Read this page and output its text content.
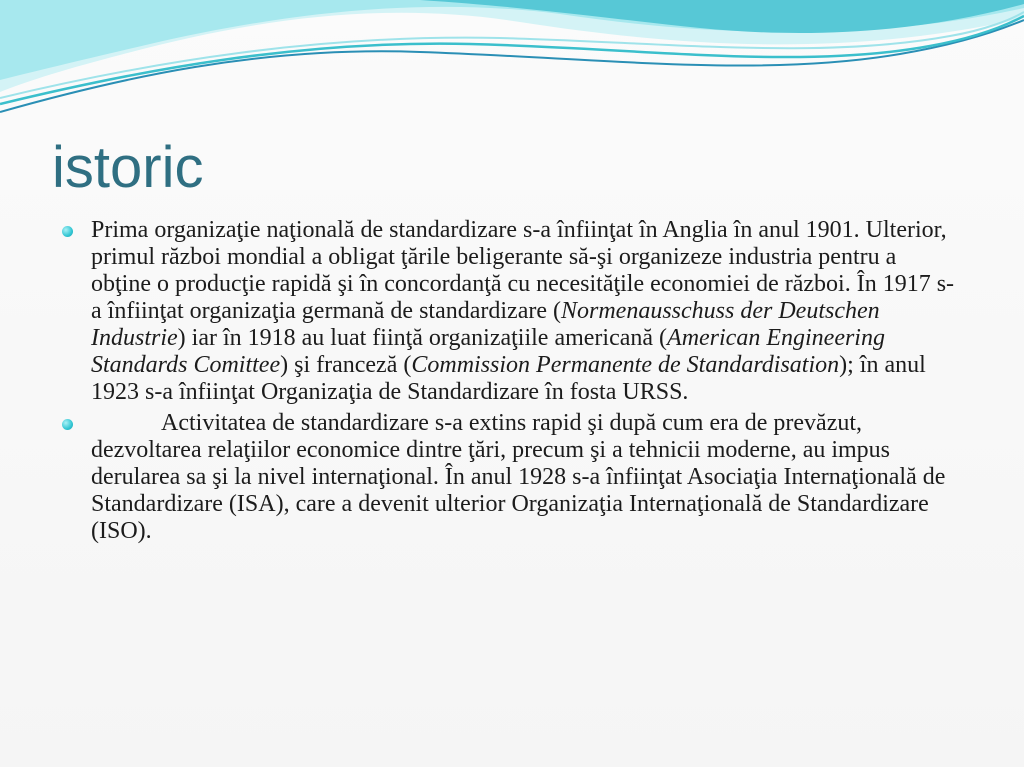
istoric
Prima organizaţie naţională de standardizare s-a înfiinţat în Anglia în anul 1901. Ulterior, primul război mondial a obligat ţările beligerante să-şi organizeze industria pentru a obţine o producţie rapidă şi în concordanţă cu necesităţile economiei de război. În 1917 s-a înfiinţat organizaţia germană de standardizare (Normenausschuss der Deutschen Industrie) iar în 1918 au luat fiinţă organizaţiile americană (American Engineering Standards Comittee) şi franceză (Commission Permanente de Standardisation); în anul 1923 s-a înfiinţat Organizaţia de Standardizare în fosta URSS.
Activitatea de standardizare s-a extins rapid şi după cum era de prevăzut, dezvoltarea relaţiilor economice dintre ţări, precum şi a tehnicii moderne, au impus derularea sa şi la nivel internaţional. În anul 1928 s-a înfiinţat Asociaţia Internaţională de Standardizare (ISA), care a devenit ulterior Organizaţia Internaţională de Standardizare (ISO).
